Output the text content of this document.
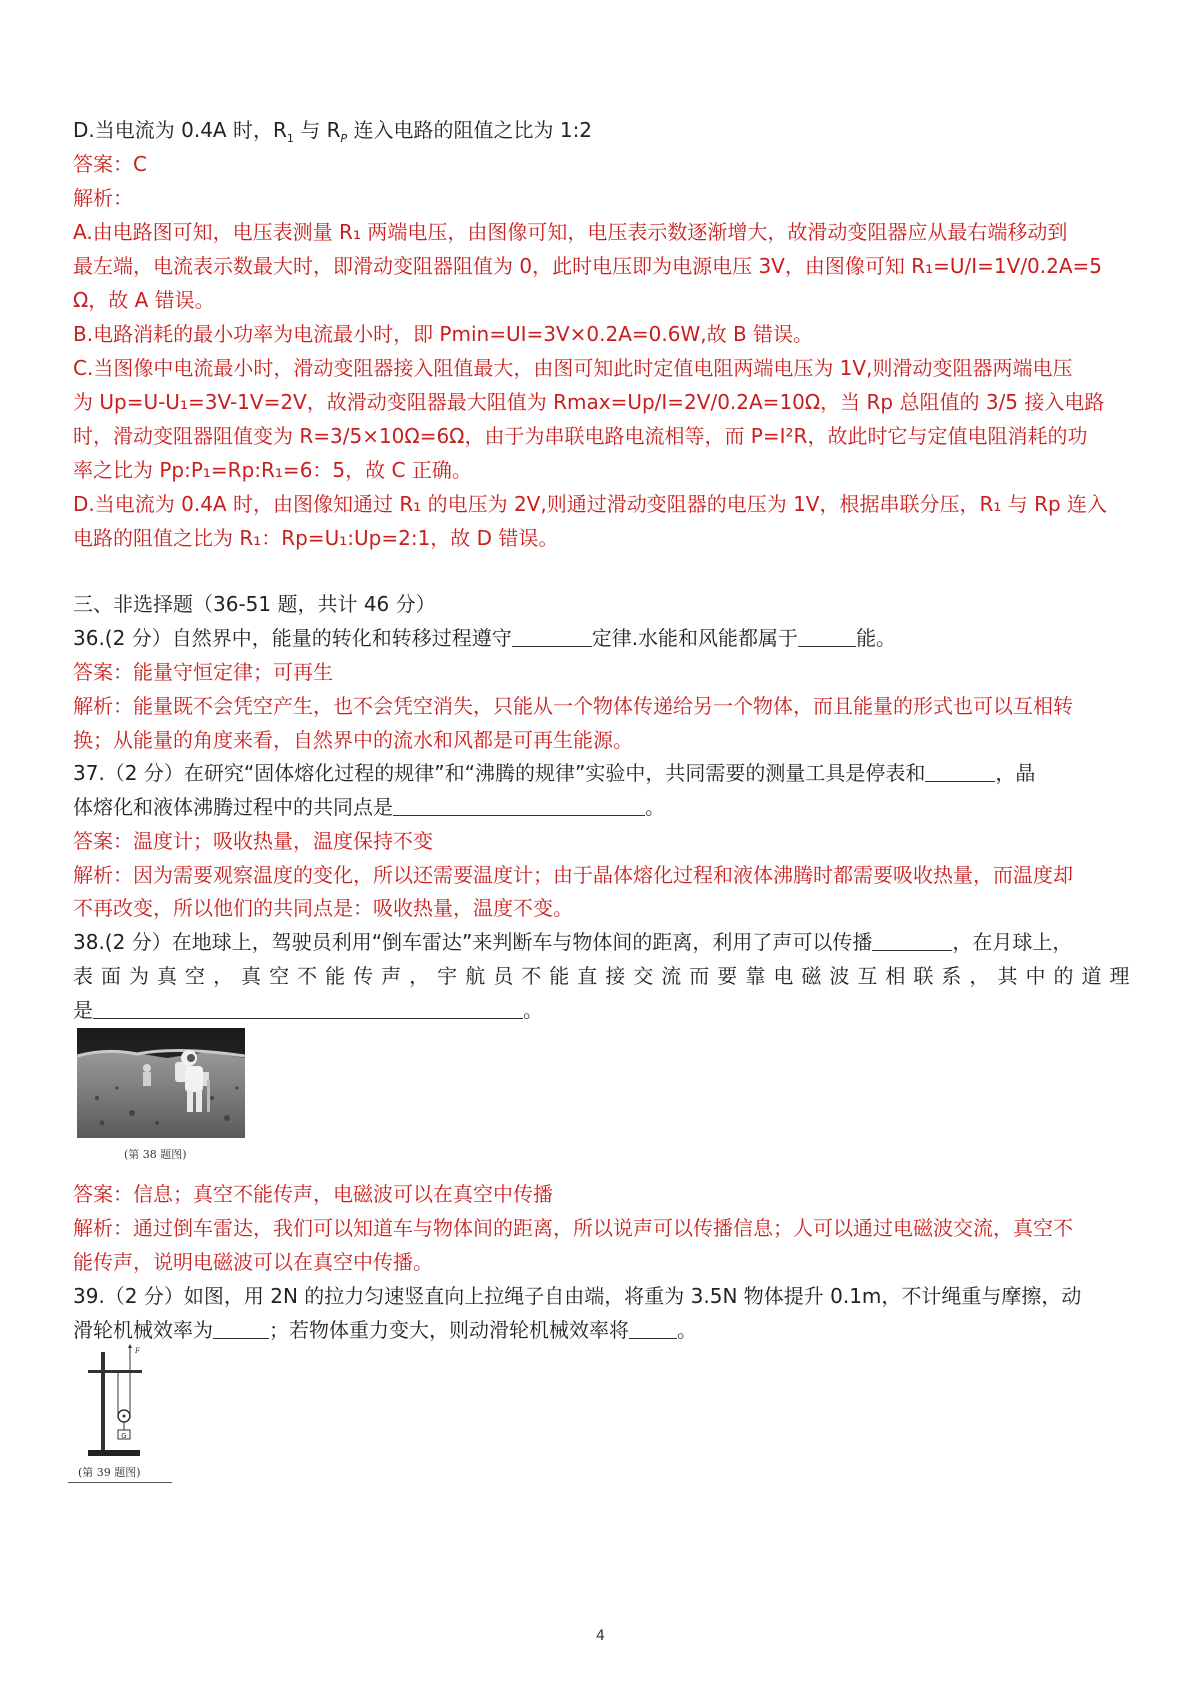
D.当电流为 0.4A 时，$R_1$ 与 $R_P$ 连入电路的阻值之比为 1:2
答案：C
解析：
A.由电路图可知，电压表测量 R₁ 两端电压，由图像可知，电压表示数逐渐增大，故滑动变阻器应从最右端移动到
最左端，电流表示数最大时，即滑动变阻器阻值为 0，此时电压即为电源电压 3V，由图像可知 R₁=U/I=1V/0.2A=5
Ω，故 A 错误。
B.电路消耗的最小功率为电流最小时，即 Pmin=UI=3V×0.2A=0.6W,故 B 错误。
C.当图像中电流最小时，滑动变阻器接入阻值最大，由图可知此时定值电阻两端电压为 1V,则滑动变阻器两端电压
为 Up=U-U₁=3V-1V=2V，故滑动变阻器最大阻值为 Rmax=Up/I=2V/0.2A=10Ω，当 Rp 总阻值的 3/5 接入电路
时，滑动变阻器阻值变为 R=3/5×10Ω=6Ω，由于为串联电路电流相等，而 P=I²R，故此时它与定值电阻消耗的功
率之比为 Pp:P₁=Rp:R₁=6：5，故 C 正确。
D.当电流为 0.4A 时，由图像知通过 R₁ 的电压为 2V,则通过滑动变阻器的电压为 1V，根据串联分压，R₁ 与 Rp 连入
电路的阻值之比为 R₁：Rp=U₁:Up=2:1，故 D 错误。
三、非选择题（36-51 题，共计 46 分）
36.(2 分）自然界中，能量的转化和转移过程遵守	定律.水能和风能都属于	能。
答案：能量守恒定律；可再生
解析：能量既不会凭空产生，也不会凭空消失，只能从一个物体传递给另一个物体，而且能量的形式也可以互相转
换；从能量的角度来看，自然界中的流水和风都是可再生能源。
37.（2 分）在研究“固体熔化过程的规律”和“沸腾的规律”实验中，共同需要的测量工具是停表和	，晶
体熔化和液体沸腾过程中的共同点是	。
答案：温度计；吸收热量，温度保持不变
解析：因为需要观察温度的变化，所以还需要温度计；由于晶体熔化过程和液体沸腾时都需要吸收热量，而温度却
不再改变，所以他们的共同点是：吸收热量，温度不变。
38.(2 分）在地球上，驾驶员利用“倒车雷达”来判断车与物体间的距离，利用了声可以传播	，在月球上，
表面为真空，真空不能传声，宇航员不能直接交流而要靠电磁波互相联系，其中的道理
是	。
(第 38 题图)
答案：信息；真空不能传声，电磁波可以在真空中传播
解析：通过倒车雷达，我们可以知道车与物体间的距离，所以说声可以传播信息；人可以通过电磁波交流，真空不
能传声，说明电磁波可以在真空中传播。
39.（2 分）如图，用 2N 的拉力匀速竖直向上拉绳子自由端，将重为 3.5N 物体提升 0.1m，不计绳重与摩擦，动
滑轮机械效率为	；若物体重力变大，则动滑轮机械效率将 。
G
F
(第 39 题图)
4
